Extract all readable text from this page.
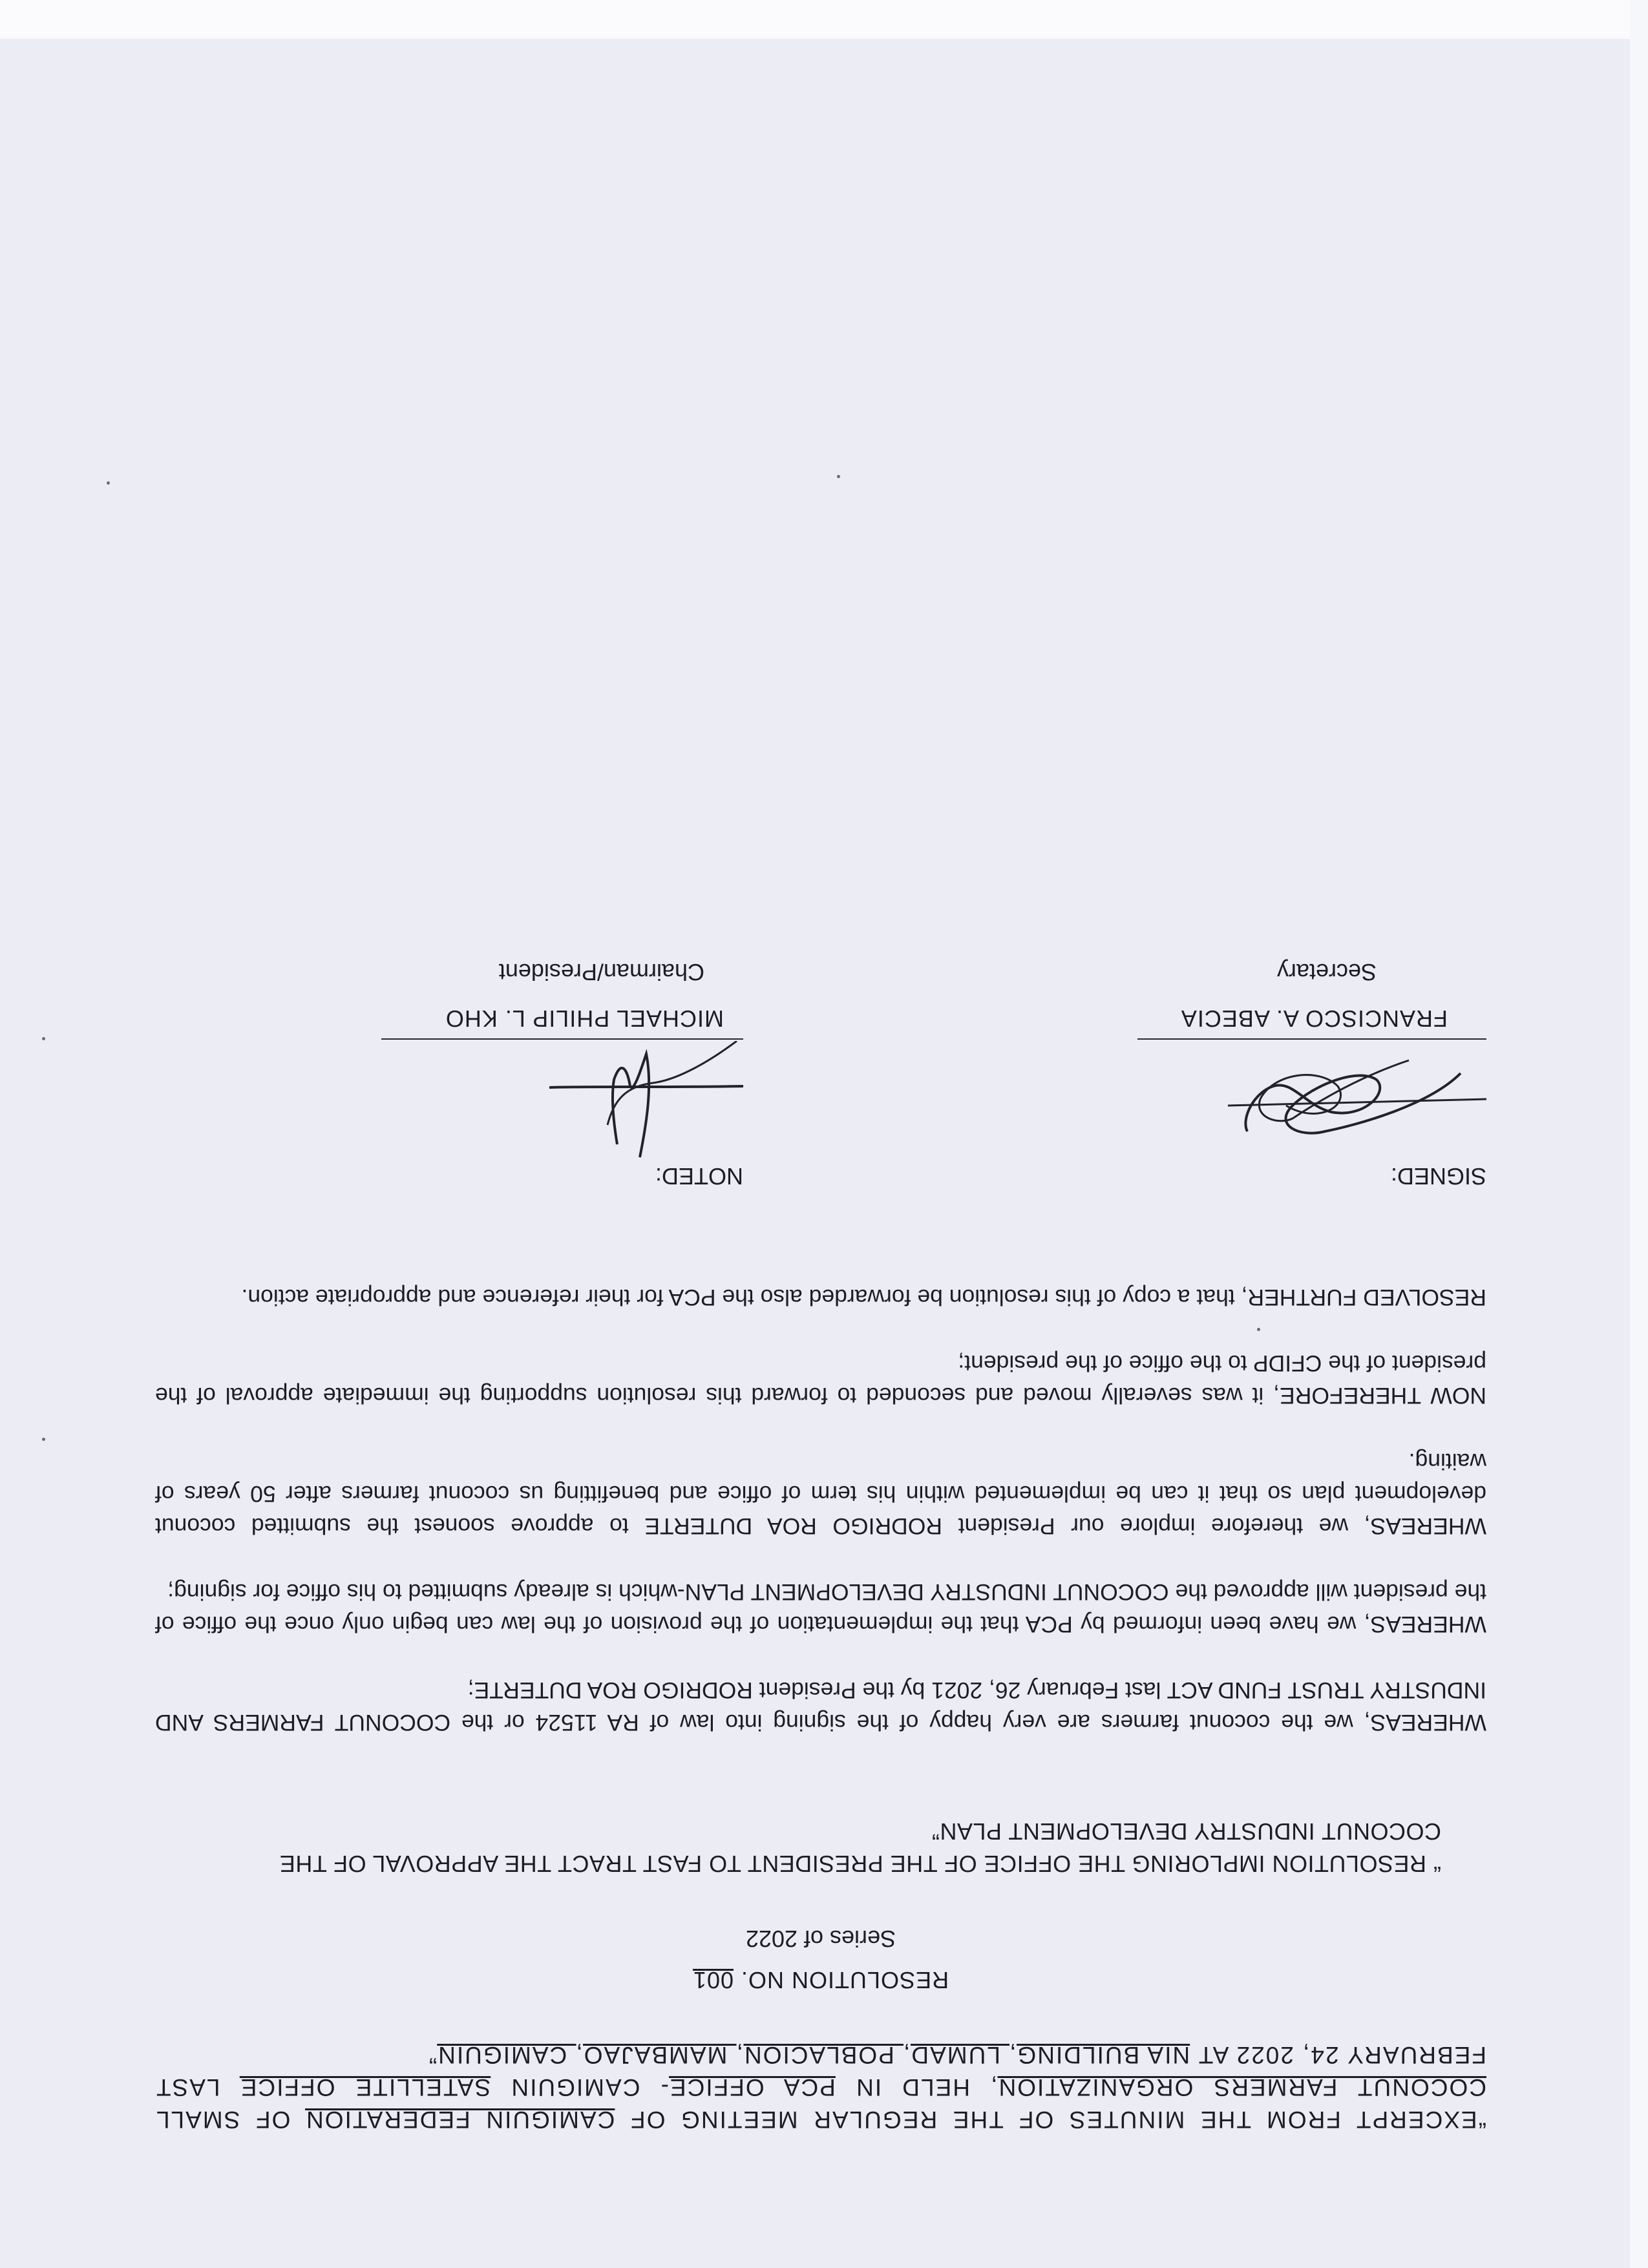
“EXCERPT FROM THE MINUTES OF THE REGULAR MEETING OF CAMIGUIN FEDERATION OF SMALL COCONUT FARMERS ORGANIZATION, HELD IN PCA OFFICE- CAMIGUIN SATELLITE OFFICE LAST FEBRUARY 24, 2022 AT NIA BUILDING, LUMAD, POBLACION, MAMBAJAO, CAMIGUIN”

RESOLUTION NO. 001
Series of 2022
“ RESOLUTION IMPLORING THE OFFICE OF THE PRESIDENT TO FAST TRACT THE APPROVAL OF THE COCONUT INDUSTRY DEVELOPMENT PLAN”

WHEREAS, we the coconut farmers are very happy of the signing into law of RA 11524 or the COCONUT FARMERS AND INDUSTRY TRUST FUND ACT last February 26, 2021 by the President RODRIGO ROA DUTERTE;

WHEREAS, we have been informed by PCA that the implementation of the provision of the law can begin only once the office of the president will approved the COCONUT INDUSTRY DEVELOPMENT PLAN-which is already submitted to his office for signing;

WHEREAS, we therefore implore our President RODRIGO ROA DUTERTE to approve soonest the submitted coconut development plan so that it can be implemented within his term of office and benefitting us coconut farmers after 50 years of waiting.

NOW THEREFORE, it was severally moved and seconded to forward this resolution supporting the immediate approval of the president of the CFIDP to the office of the president;

RESOLVED FURTHER, that a copy of this resolution be forwarded also the PCA for their reference and appropriate action.

SIGNED:
NOTED:
FRANCISCO A. ABECIA
Secretary
MICHAEL PHILIP L. KHO
Chairman/President
